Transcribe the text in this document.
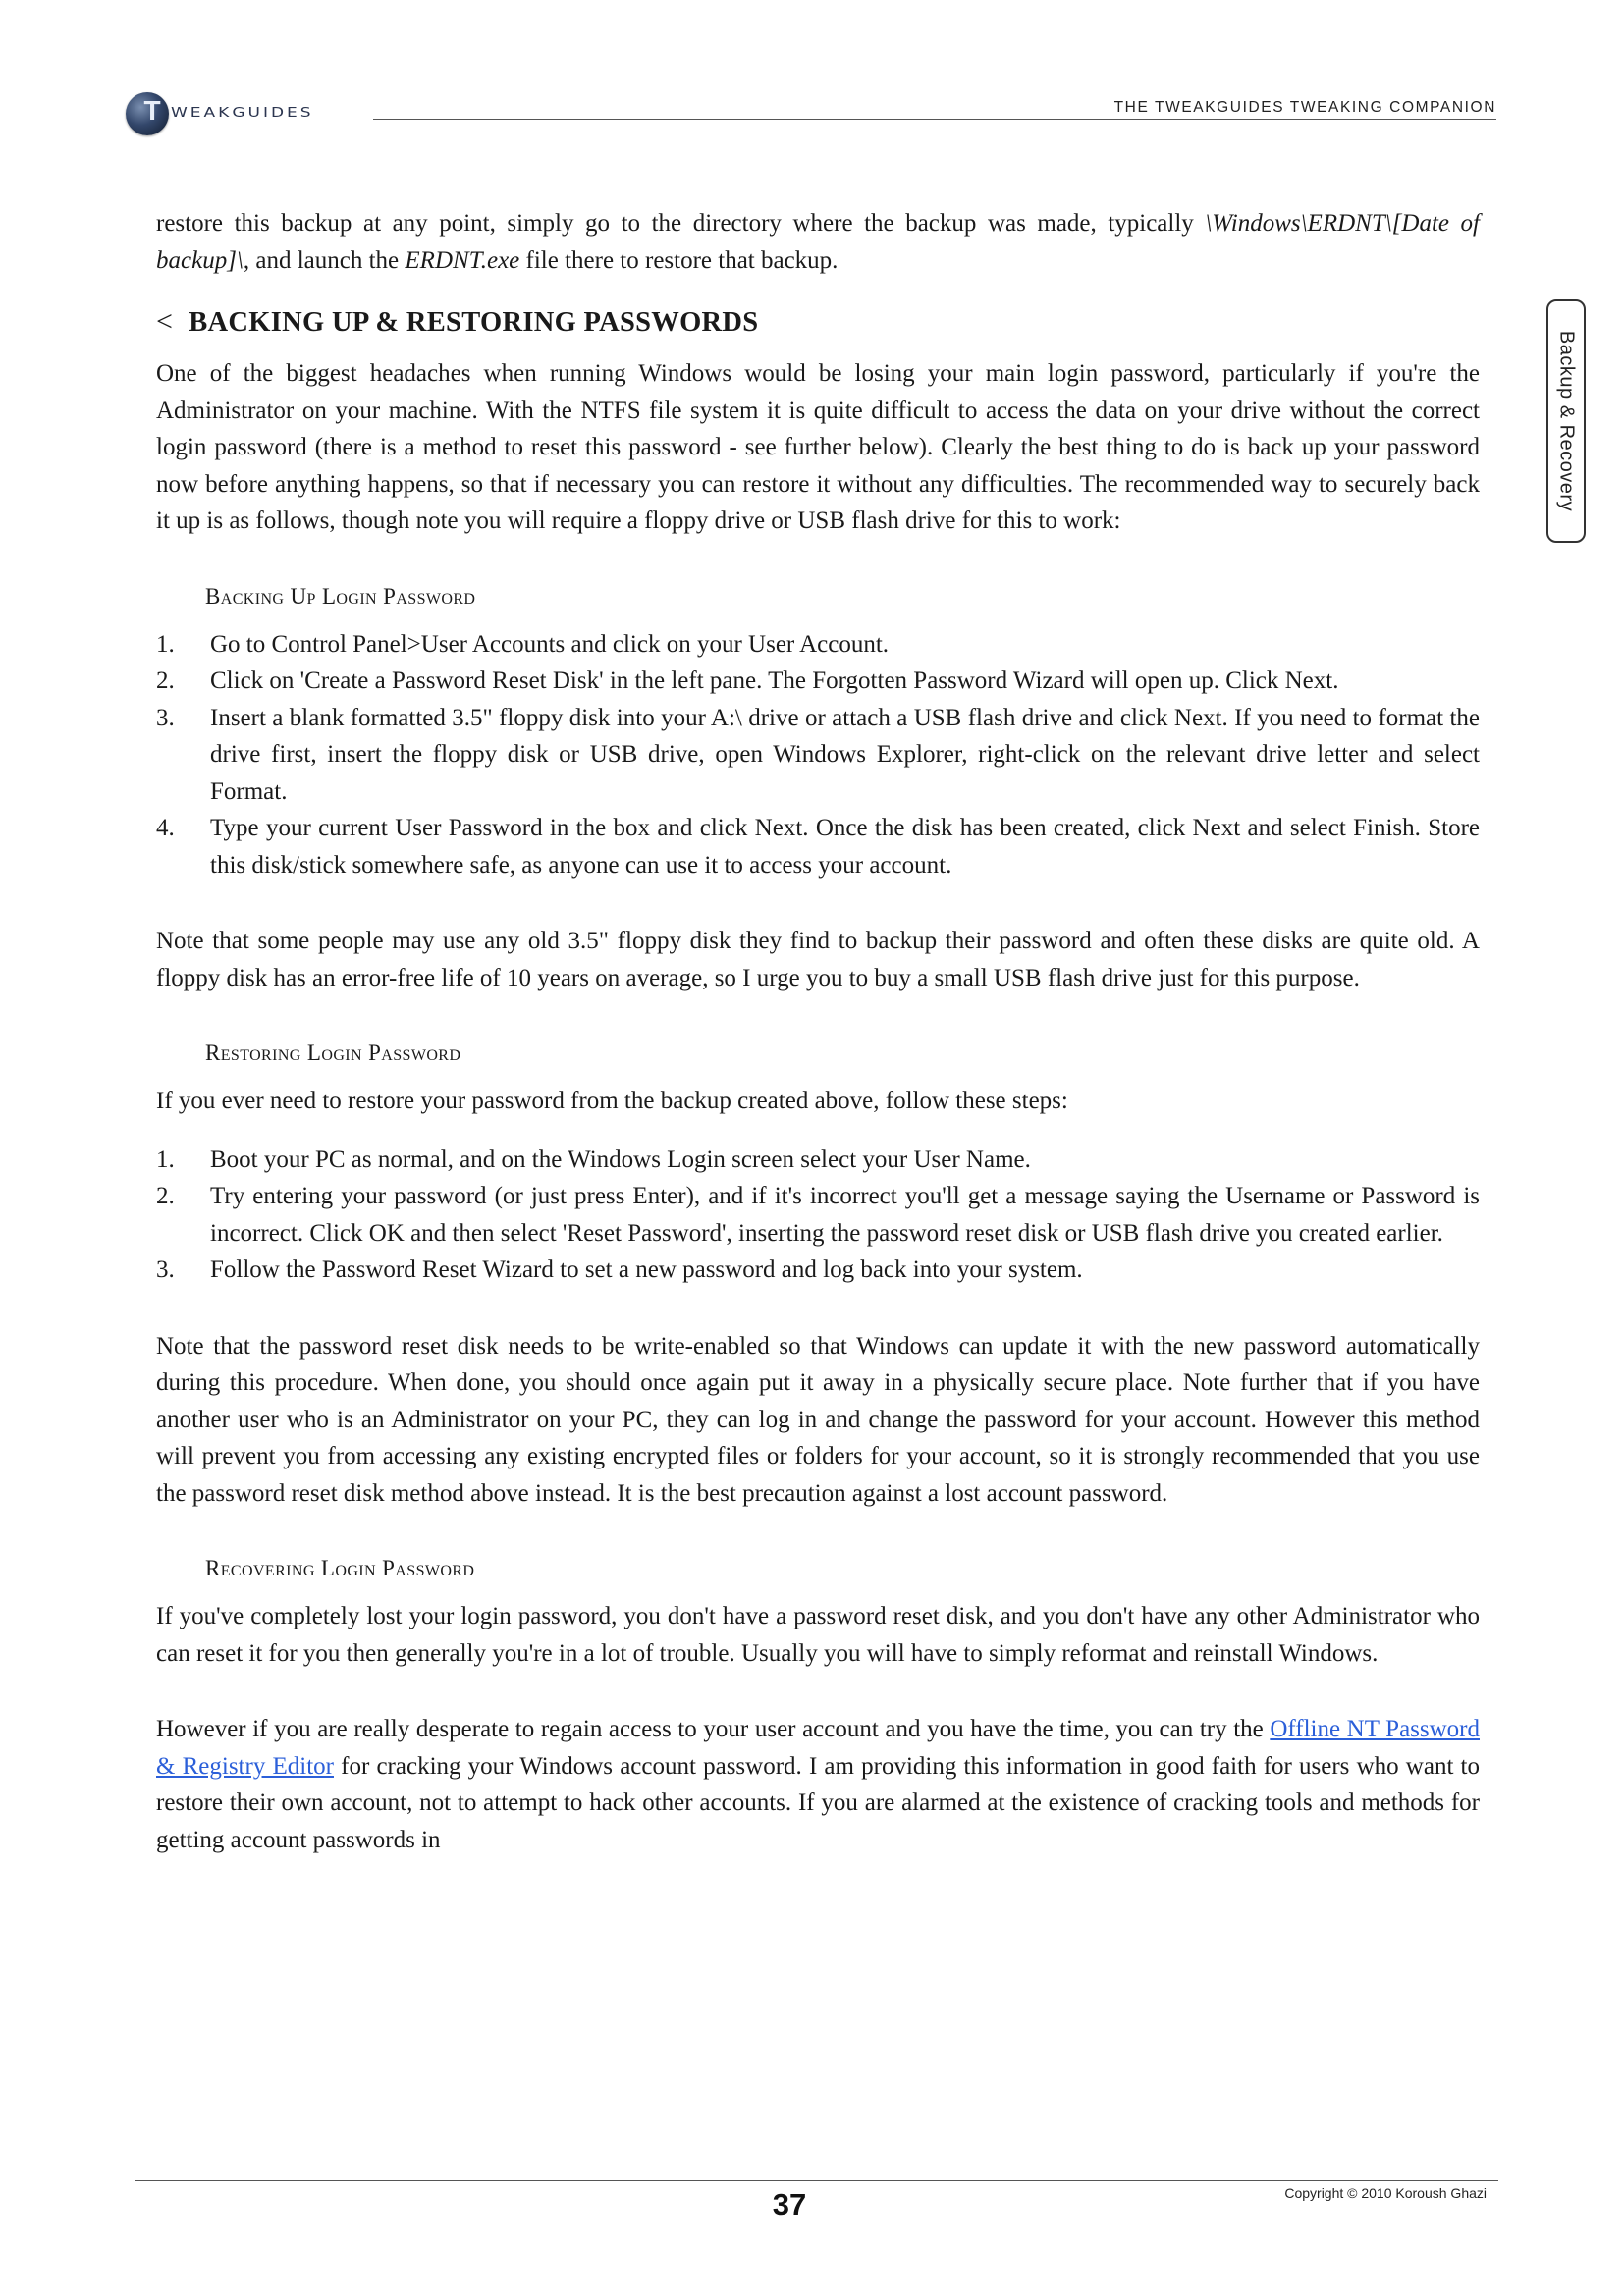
T WEAKGUIDES	THE TWEAKGUIDES TWEAKING COMPANION
Backup & Recovery

restore this backup at any point, simply go to the directory where the backup was made, typically \Windows\ERDNT\[Date of backup]\, and launch the ERDNT.exe file there to restore that backup.

< BACKING UP & RESTORING PASSWORDS

One of the biggest headaches when running Windows would be losing your main login password, particularly if you're the Administrator on your machine. With the NTFS file system it is quite difficult to access the data on your drive without the correct login password (there is a method to reset this password - see further below). Clearly the best thing to do is back up your password now before anything happens, so that if necessary you can restore it without any difficulties. The recommended way to securely back it up is as follows, though note you will require a floppy drive or USB flash drive for this to work:

Backing Up Login Password
1. Go to Control Panel>User Accounts and click on your User Account.
2. Click on 'Create a Password Reset Disk' in the left pane. The Forgotten Password Wizard will open up. Click Next.
3. Insert a blank formatted 3.5" floppy disk into your A:\ drive or attach a USB flash drive and click Next. If you need to format the drive first, insert the floppy disk or USB drive, open Windows Explorer, right-click on the relevant drive letter and select Format.
4. Type your current User Password in the box and click Next. Once the disk has been created, click Next and select Finish. Store this disk/stick somewhere safe, as anyone can use it to access your account.

Note that some people may use any old 3.5" floppy disk they find to backup their password and often these disks are quite old. A floppy disk has an error-free life of 10 years on average, so I urge you to buy a small USB flash drive just for this purpose.

Restoring Login Password

If you ever need to restore your password from the backup created above, follow these steps:

1. Boot your PC as normal, and on the Windows Login screen select your User Name.
2. Try entering your password (or just press Enter), and if it's incorrect you'll get a message saying the Username or Password is incorrect. Click OK and then select 'Reset Password', inserting the password reset disk or USB flash drive you created earlier.
3. Follow the Password Reset Wizard to set a new password and log back into your system.

Note that the password reset disk needs to be write-enabled so that Windows can update it with the new password automatically during this procedure. When done, you should once again put it away in a physically secure place. Note further that if you have another user who is an Administrator on your PC, they can log in and change the password for your account. However this method will prevent you from accessing any existing encrypted files or folders for your account, so it is strongly recommended that you use the password reset disk method above instead. It is the best precaution against a lost account password.

Recovering Login Password

If you've completely lost your login password, you don't have a password reset disk, and you don't have any other Administrator who can reset it for you then generally you're in a lot of trouble. Usually you will have to simply reformat and reinstall Windows.

However if you are really desperate to regain access to your user account and you have the time, you can try the Offline NT Password & Registry Editor for cracking your Windows account password. I am providing this information in good faith for users who want to restore their own account, not to attempt to hack other accounts. If you are alarmed at the existence of cracking tools and methods for getting account passwords in

Copyright © 2010 Koroush Ghazi
37
